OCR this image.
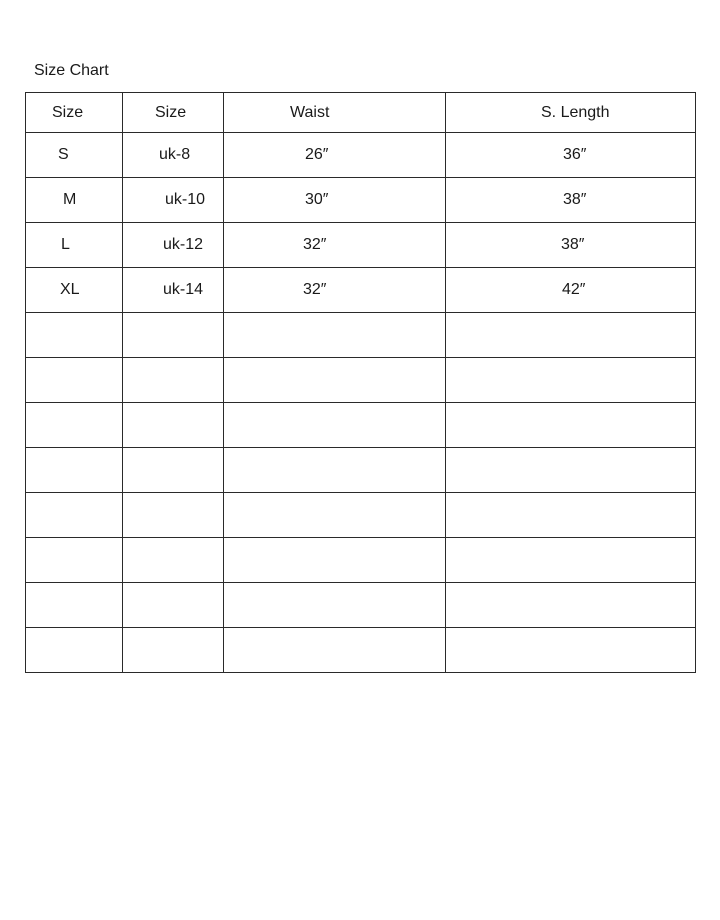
Size Chart
Size	Size	Waist	S. Length
S	uk-8	26″	36″
M	uk-10	30″	38″
L	uk-12	32″	38″
XL	uk-14	32″	42″
